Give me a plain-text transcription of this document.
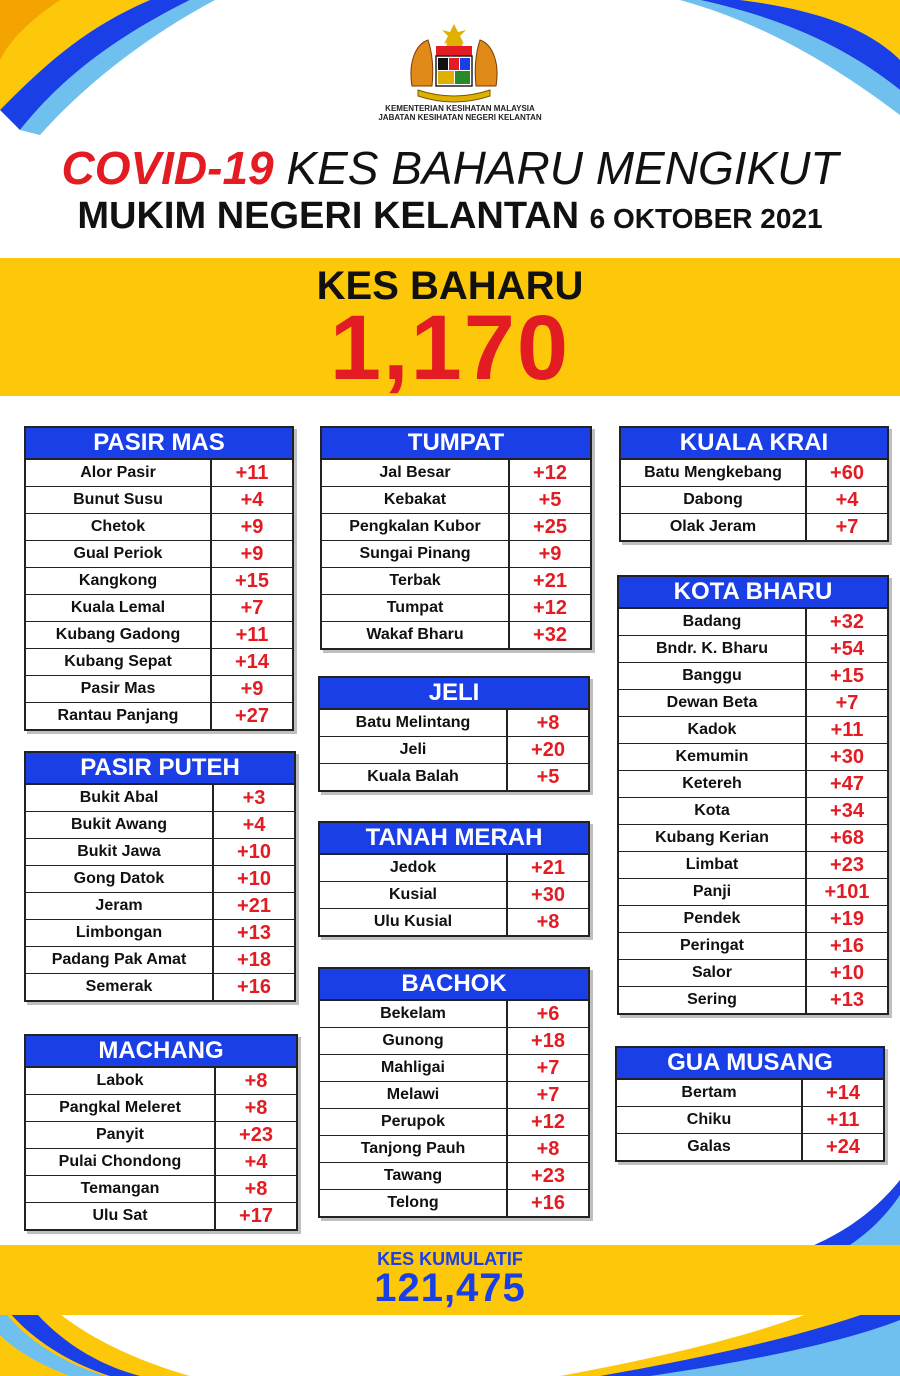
KEMENTERIAN KESIHATAN MALAYSIA
JABATAN KESIHATAN NEGERI KELANTAN
COVID-19 KES BAHARU MENGIKUT
MUKIM NEGERI KELANTAN 6 OKTOBER 2021
KES BAHARU
1,170
PASIR MAS
Alor Pasir	+11
Bunut Susu	+4
Chetok	+9
Gual Periok	+9
Kangkong	+15
Kuala Lemal	+7
Kubang Gadong	+11
Kubang Sepat	+14
Pasir Mas	+9
Rantau Panjang	+27
PASIR PUTEH
Bukit Abal	+3
Bukit Awang	+4
Bukit Jawa	+10
Gong Datok	+10
Jeram	+21
Limbongan	+13
Padang Pak Amat	+18
Semerak	+16
MACHANG
Labok	+8
Pangkal Meleret	+8
Panyit	+23
Pulai Chondong	+4
Temangan	+8
Ulu Sat	+17
TUMPAT
Jal Besar	+12
Kebakat	+5
Pengkalan Kubor	+25
Sungai Pinang	+9
Terbak	+21
Tumpat	+12
Wakaf Bharu	+32
JELI
Batu Melintang	+8
Jeli	+20
Kuala Balah	+5
TANAH MERAH
Jedok	+21
Kusial	+30
Ulu Kusial	+8
BACHOK
Bekelam	+6
Gunong	+18
Mahligai	+7
Melawi	+7
Perupok	+12
Tanjong Pauh	+8
Tawang	+23
Telong	+16
KUALA KRAI
Batu Mengkebang	+60
Dabong	+4
Olak Jeram	+7
KOTA BHARU
Badang	+32
Bndr. K. Bharu	+54
Banggu	+15
Dewan Beta	+7
Kadok	+11
Kemumin	+30
Ketereh	+47
Kota	+34
Kubang Kerian	+68
Limbat	+23
Panji	+101
Pendek	+19
Peringat	+16
Salor	+10
Sering	+13
GUA MUSANG
Bertam	+14
Chiku	+11
Galas	+24
KES KUMULATIF
121,475
